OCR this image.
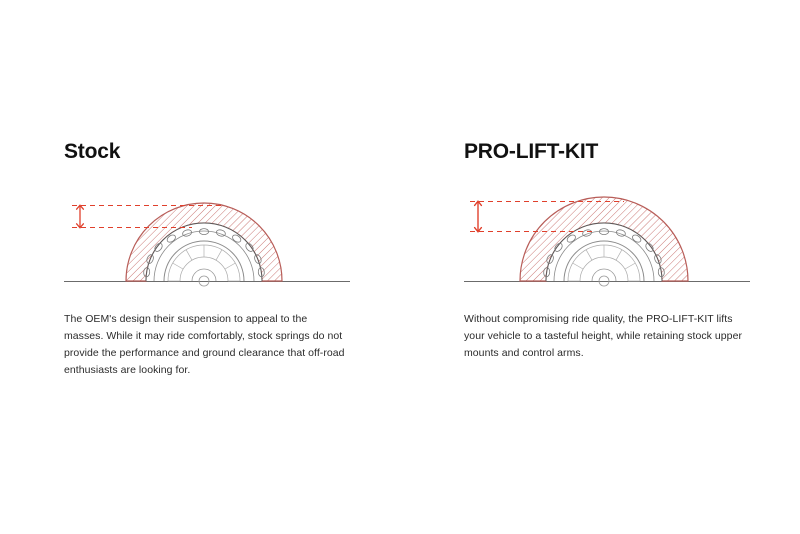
Stock

The OEM's design their suspension to appeal to the masses. While it may ride comfortably, stock springs do not provide the performance and ground clearance that off-road enthusiasts are looking for.

PRO-LIFT-KIT

Without compromising ride quality, the PRO-LIFT-KIT lifts your vehicle to a tasteful height, while retaining stock upper mounts and control arms.
